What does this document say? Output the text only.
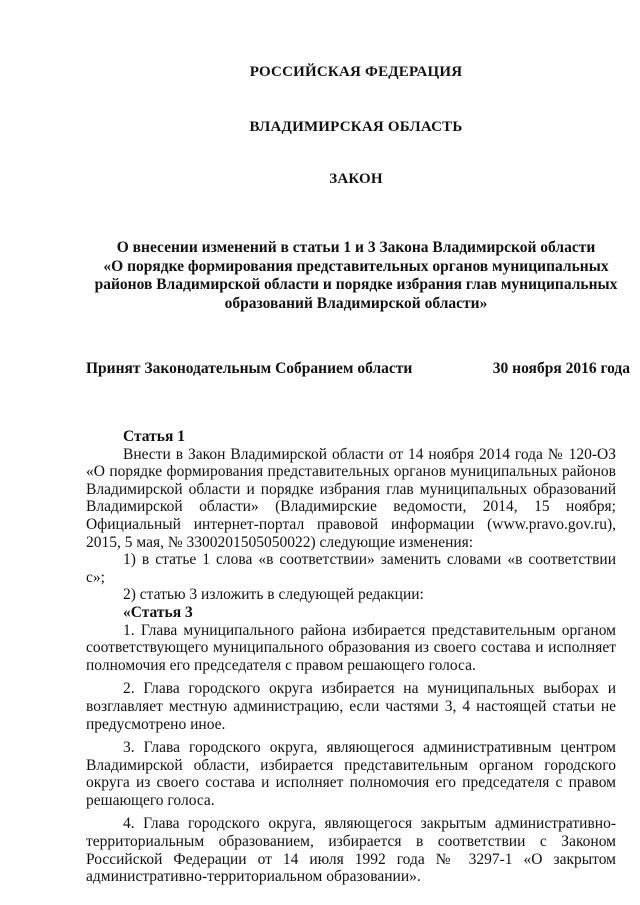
РОССИЙСКАЯ ФЕДЕРАЦИЯ
ВЛАДИМИРСКАЯ ОБЛАСТЬ
ЗАКОН
О внесении изменений в статьи 1 и 3 Закона Владимирской области
«О порядке формирования представительных органов муниципальных
районов Владимирской области и порядке избрания глав муниципальных
образований Владимирской области»
Принят Законодательным Собранием области	30 ноября 2016 года

Статья 1

Внести в Закон Владимирской области от 14 ноября 2014 года № 120-ОЗ «О порядке формирования представительных органов муниципальных районов Владимирской области и порядке избрания глав муниципальных образований Владимирской области» (Владимирские ведомости, 2014, 15 ноября; Официальный интернет-портал правовой информации (www.pravo.gov.ru), 2015, 5 мая, № 3300201505050022) следующие изменения:

1) в статье 1 слова «в соответствии» заменить словами «в соответствии с»;

2) статью 3 изложить в следующей редакции:

«Статья 3

1. Глава муниципального района избирается представительным органом соответствующего муниципального образования из своего состава и исполняет полномочия его председателя с правом решающего голоса.

2. Глава городского округа избирается на муниципальных выборах и возглавляет местную администрацию, если частями 3, 4 настоящей статьи не предусмотрено иное.

3. Глава городского округа, являющегося административным центром Владимирской области, избирается представительным органом городского округа из своего состава и исполняет полномочия его председателя с правом решающего голоса.

4. Глава городского округа, являющегося закрытым административно-территориальным образованием, избирается в соответствии с Законом Российской Федерации от 14 июля 1992 года № 3297-1 «О закрытом административно-территориальном образовании».
